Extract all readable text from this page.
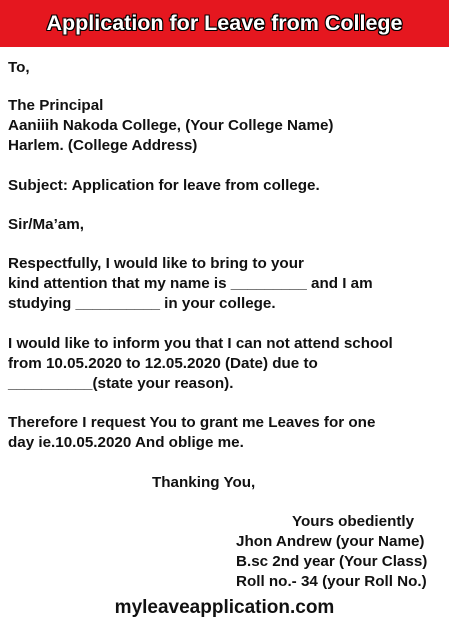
Application for Leave from College
To,
The Principal
Aaniiih Nakoda College, (Your College Name)
Harlem. (College Address)
Subject: Application for leave from college.
Sir/Ma’am,
Respectfully, I would like to bring to your
kind attention that my name is _________ and I am
studying __________ in your college.
I would like to inform you that I can not attend school
from 10.05.2020 to 12.05.2020 (Date) due to
__________(state your reason).
Therefore I request You to grant me Leaves for one
day ie.10.05.2020 And oblige me.
Thanking You,
Yours obediently
Jhon Andrew (your Name)
B.sc 2nd year (Your Class)
Roll no.- 34 (your Roll No.)
myleaveapplication.com
